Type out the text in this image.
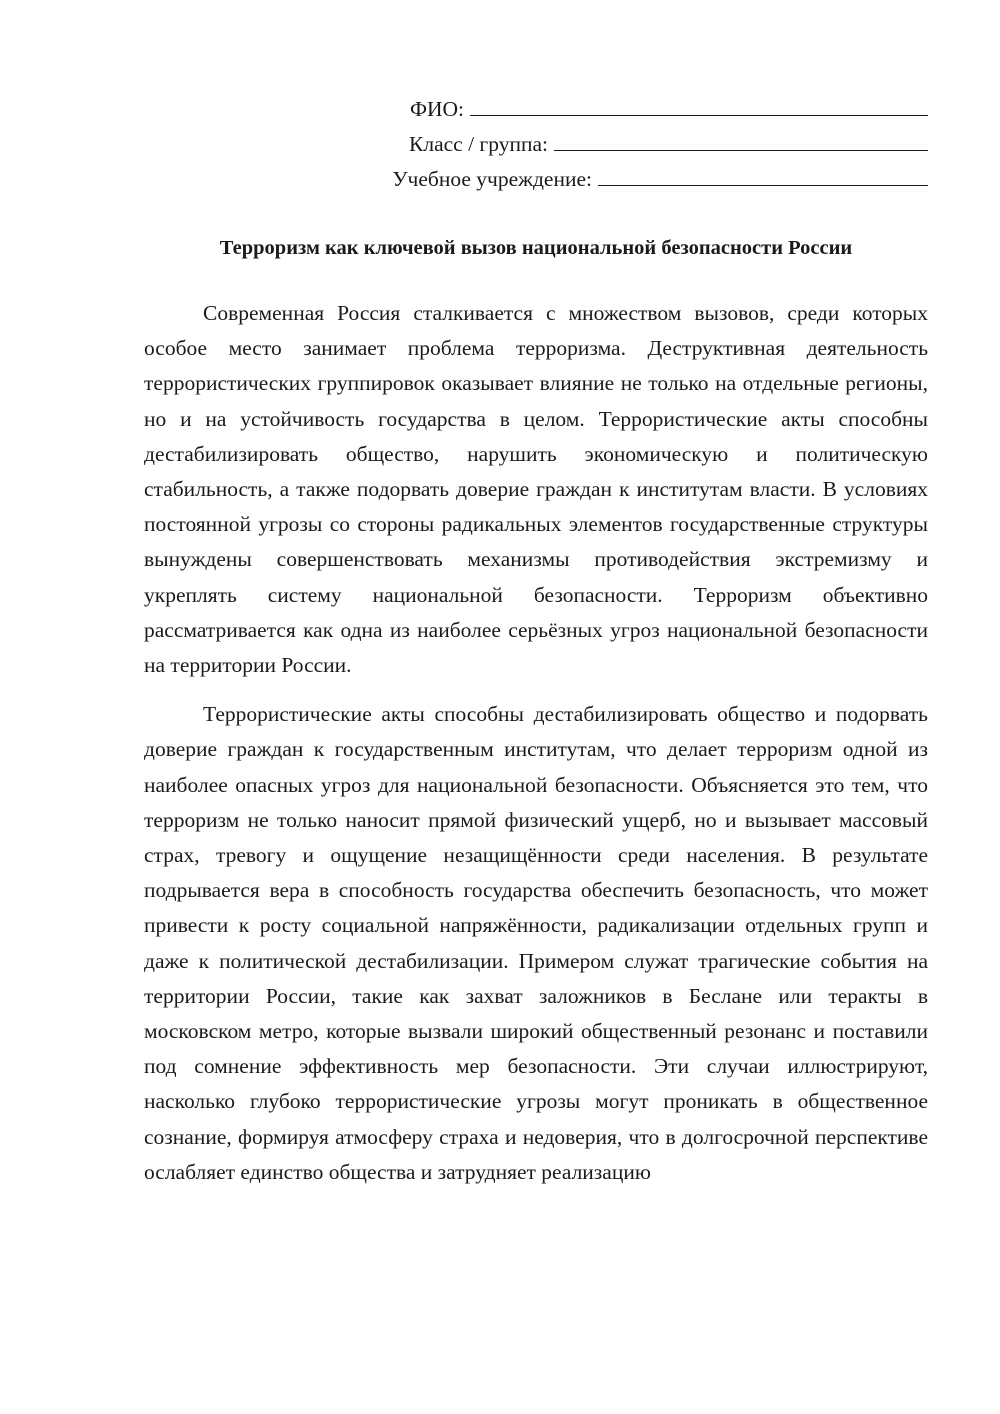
ФИО:
Класс / группа:
Учебное учреждение:
Терроризм как ключевой вызов национальной безопасности России

Современная Россия сталкивается с множеством вызовов, среди которых особое место занимает проблема терроризма. Деструктивная деятельность террористических группировок оказывает влияние не только на отдельные регионы, но и на устойчивость государства в целом. Террористические акты способны дестабилизировать общество, нарушить экономическую и политическую стабильность, а также подорвать доверие граждан к институтам власти. В условиях постоянной угрозы со стороны радикальных элементов государственные структуры вынуждены совершенствовать механизмы противодействия экстремизму и укреплять систему национальной безопасности. Терроризм объективно рассматривается как одна из наиболее серьёзных угроз национальной безопасности на территории России.

Террористические акты способны дестабилизировать общество и подорвать доверие граждан к государственным институтам, что делает терроризм одной из наиболее опасных угроз для национальной безопасности. Объясняется это тем, что терроризм не только наносит прямой физический ущерб, но и вызывает массовый страх, тревогу и ощущение незащищённости среди населения. В результате подрывается вера в способность государства обеспечить безопасность, что может привести к росту социальной напряжённости, радикализации отдельных групп и даже к политической дестабилизации. Примером служат трагические события на территории России, такие как захват заложников в Беслане или теракты в московском метро, которые вызвали широкий общественный резонанс и поставили под сомнение эффективность мер безопасности. Эти случаи иллюстрируют, насколько глубоко террористические угрозы могут проникать в общественное сознание, формируя атмосферу страха и недоверия, что в долгосрочной перспективе ослабляет единство общества и затрудняет реализацию
